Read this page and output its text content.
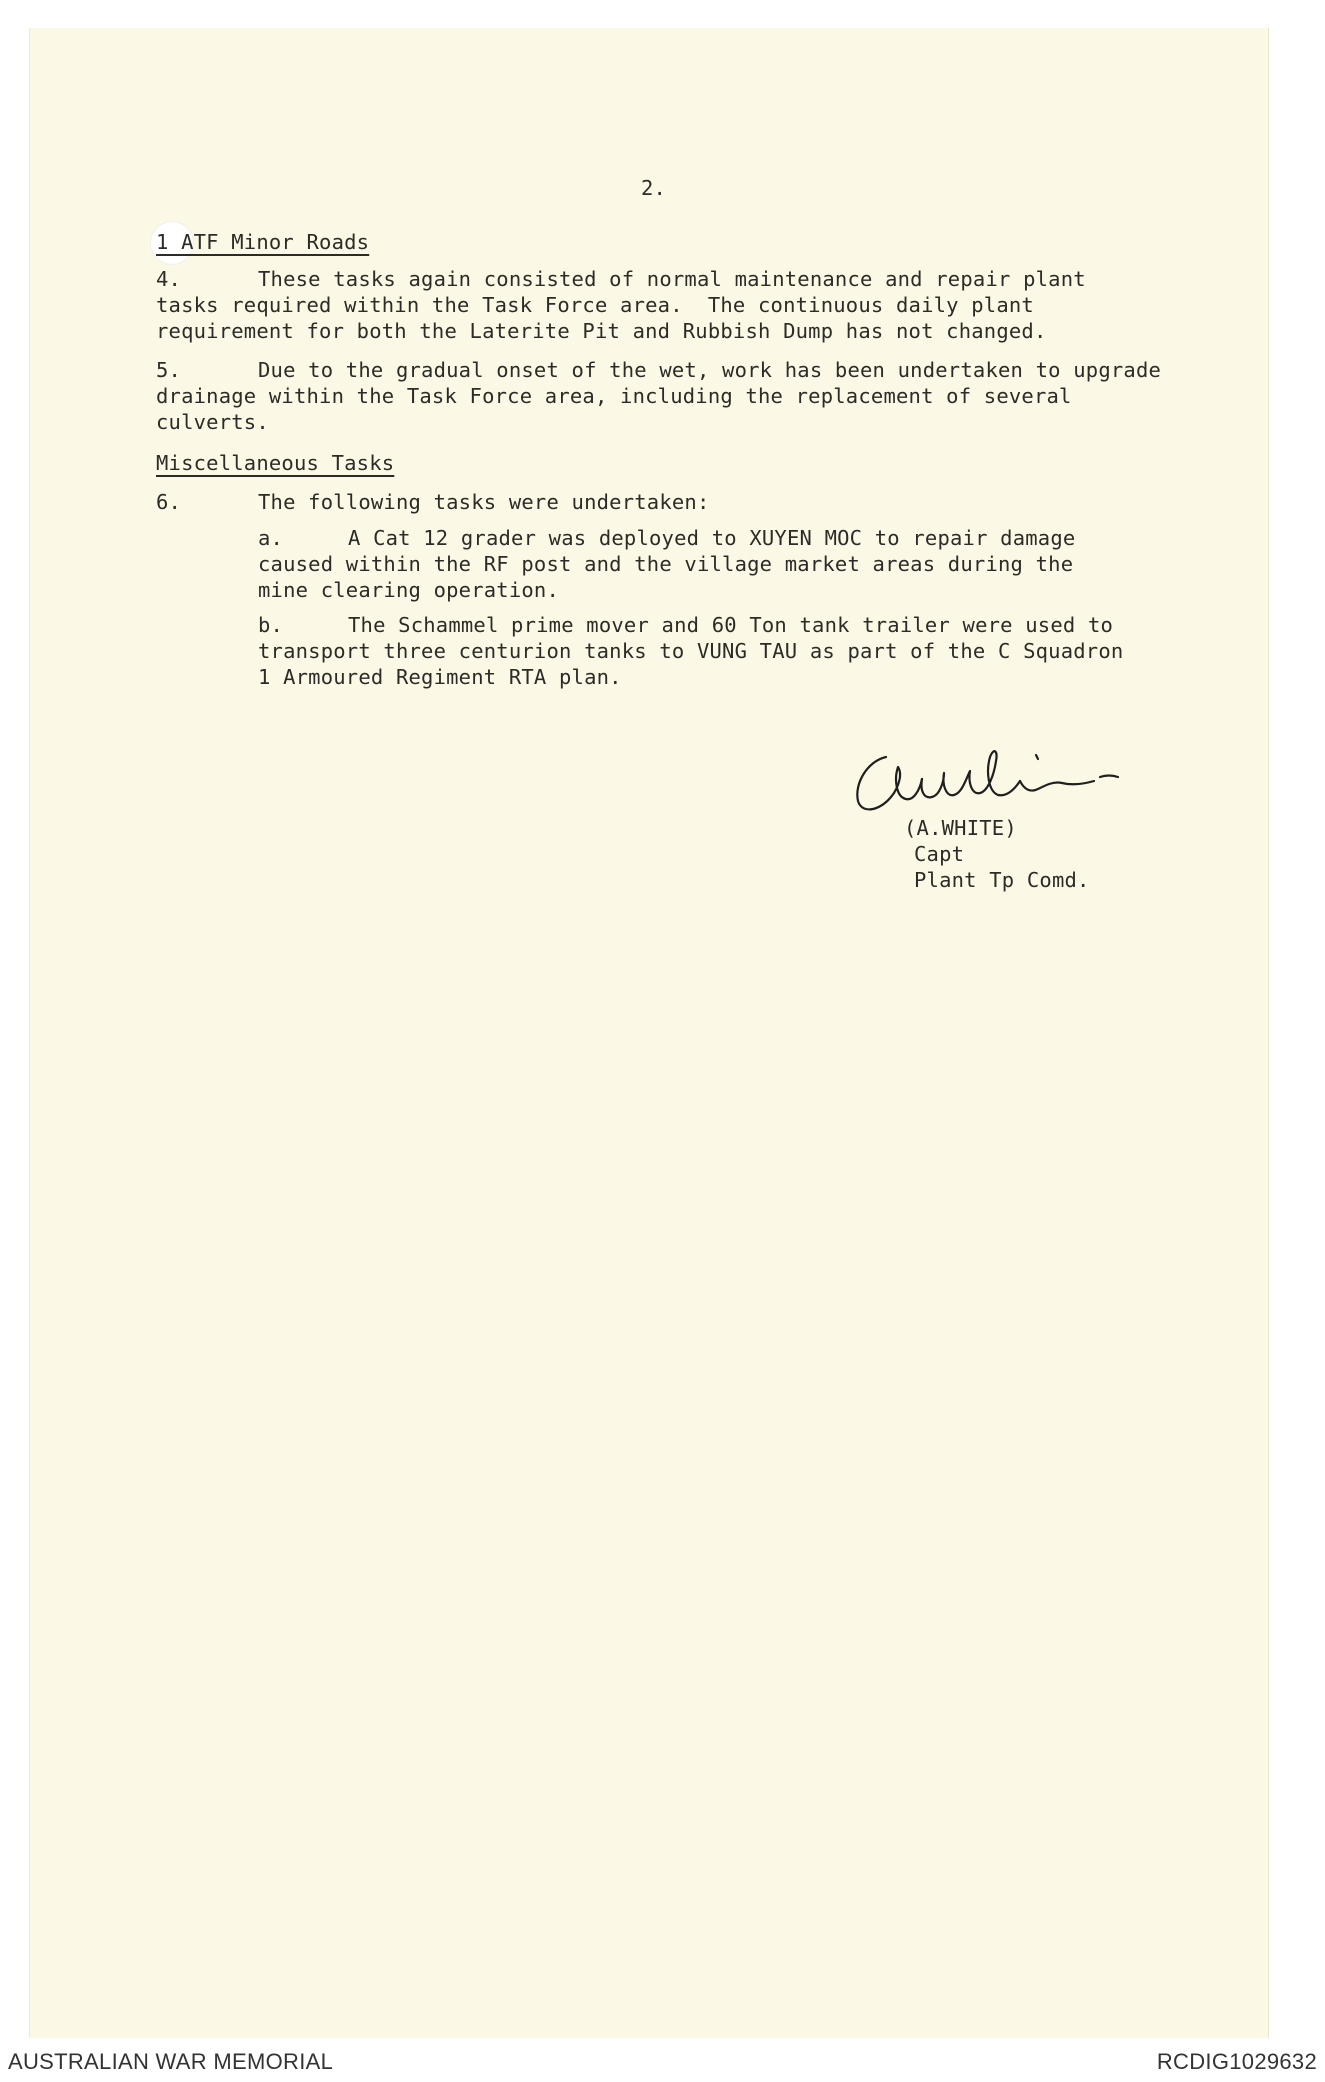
2.
1 ATF Minor Roads
4.	These tasks again consisted of normal maintenance and repair plant
tasks required within the Task Force area.  The continuous daily plant
requirement for both the Laterite Pit and Rubbish Dump has not changed.
5.	Due to the gradual onset of the wet, work has been undertaken to upgrade
drainage within the Task Force area, including the replacement of several
culverts.
Miscellaneous Tasks
6.	The following tasks were undertaken:
a.	A Cat 12 grader was deployed to XUYEN MOC to repair damage
caused within the RF post and the village market areas during the
mine clearing operation.
b.	The Schammel prime mover and 60 Ton tank trailer were used to
transport three centurion tanks to VUNG TAU as part of the C Squadron
1 Armoured Regiment RTA plan.
(A.WHITE)
Capt
Plant Tp Comd.
AUSTRALIAN WAR MEMORIAL	RCDIG1029632
